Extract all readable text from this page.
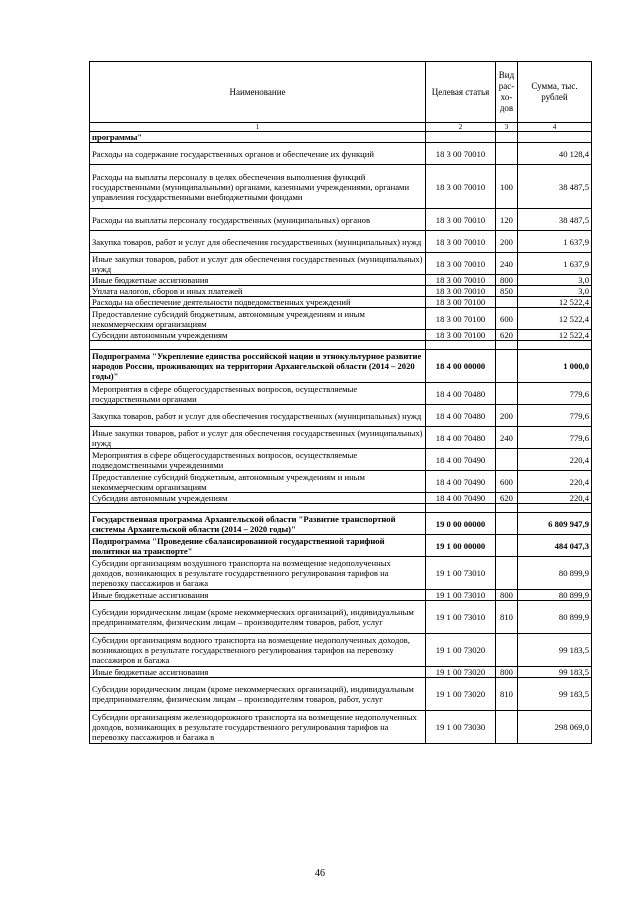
Наименование	Целевая статья	Вид рас-хо-дов	Сумма, тыс. рублей
1	2	3	4
программы"			
Расходы на содержание государственных органов и обеспечение их функций	18 3 00 70010		40 128,4
Расходы на выплаты персоналу в целях обеспечения выполнения функций государственными (муниципальными) органами, казенными учреждениями, органами управления государственными внебюджетными фондами	18 3 00 70010	100	38 487,5
Расходы на выплаты персоналу государственных (муниципальных) органов	18 3 00 70010	120	38 487,5
Закупка товаров, работ и услуг для обеспечения государственных (муниципальных) нужд	18 3 00 70010	200	1 637,9
Иные закупки товаров, работ и услуг для обеспечения государственных (муниципальных) нужд	18 3 00 70010	240	1 637,9
Иные бюджетные ассигнования	18 3 00 70010	800	3,0
Уплата налогов, сборов и иных платежей	18 3 00 70010	850	3,0
Расходы на обеспечение деятельности подведомственных учреждений	18 3 00 70100		12 522,4
Предоставление субсидий бюджетным, автономным учреждениям и иным некоммерческим организациям	18 3 00 70100	600	12 522,4
Субсидии автономным учреждениям	18 3 00 70100	620	12 522,4

Подпрограмма "Укрепление единства российской нации и этнокультурное развитие народов России, проживающих на территории Архангельской области (2014 – 2020 годы)"	18 4 00 00000		1 000,0
Мероприятия в сфере общегосударственных вопросов, осуществляемые государственными органами	18 4 00 70480		779,6
Закупка товаров, работ и услуг для обеспечения государственных (муниципальных) нужд	18 4 00 70480	200	779,6
Иные закупки товаров, работ и услуг для обеспечения государственных (муниципальных) нужд	18 4 00 70480	240	779,6
Мероприятия в сфере общегосударственных вопросов, осуществляемые подведомственными учреждениями	18 4 00 70490		220,4
Предоставление субсидий бюджетным, автономным учреждениям и иным некоммерческим организациям	18 4 00 70490	600	220,4
Субсидии автономным учреждениям	18 4 00 70490	620	220,4

Государственная программа Архангельской области "Развитие транспортной системы Архангельской области (2014 – 2020 годы)"	19 0 00 00000		6 809 947,9
Подпрограмма "Проведение сбалансированной государственной тарифной политики на транспорте"	19 1 00 00000		484 047,3
Субсидии организациям воздушного транспорта на возмещение недополученных доходов, возникающих в результате государственного регулирования тарифов на перевозку пассажиров и багажа	19 1 00 73010		80 899,9
Иные бюджетные ассигнования	19 1 00 73010	800	80 899,9
Субсидии юридическим лицам (кроме некоммерческих организаций), индивидуальным предпринимателям, физическим лицам – производителям товаров, работ, услуг	19 1 00 73010	810	80 899,9
Субсидии организациям водного транспорта на возмещение недополученных доходов, возникающих в результате государственного регулирования тарифов на перевозку пассажиров и багажа	19 1 00 73020		99 183,5
Иные бюджетные ассигнования	19 1 00 73020	800	99 183,5
Субсидии юридическим лицам (кроме некоммерческих организаций), индивидуальным предпринимателям, физическим лицам – производителям товаров, работ, услуг	19 1 00 73020	810	99 183,5
Субсидии организациям железнодорожного транспорта на возмещение недополученных доходов, возникающих в результате государственного регулирования тарифов на перевозку пассажиров и багажа в	19 1 00 73030		298 069,0
46
